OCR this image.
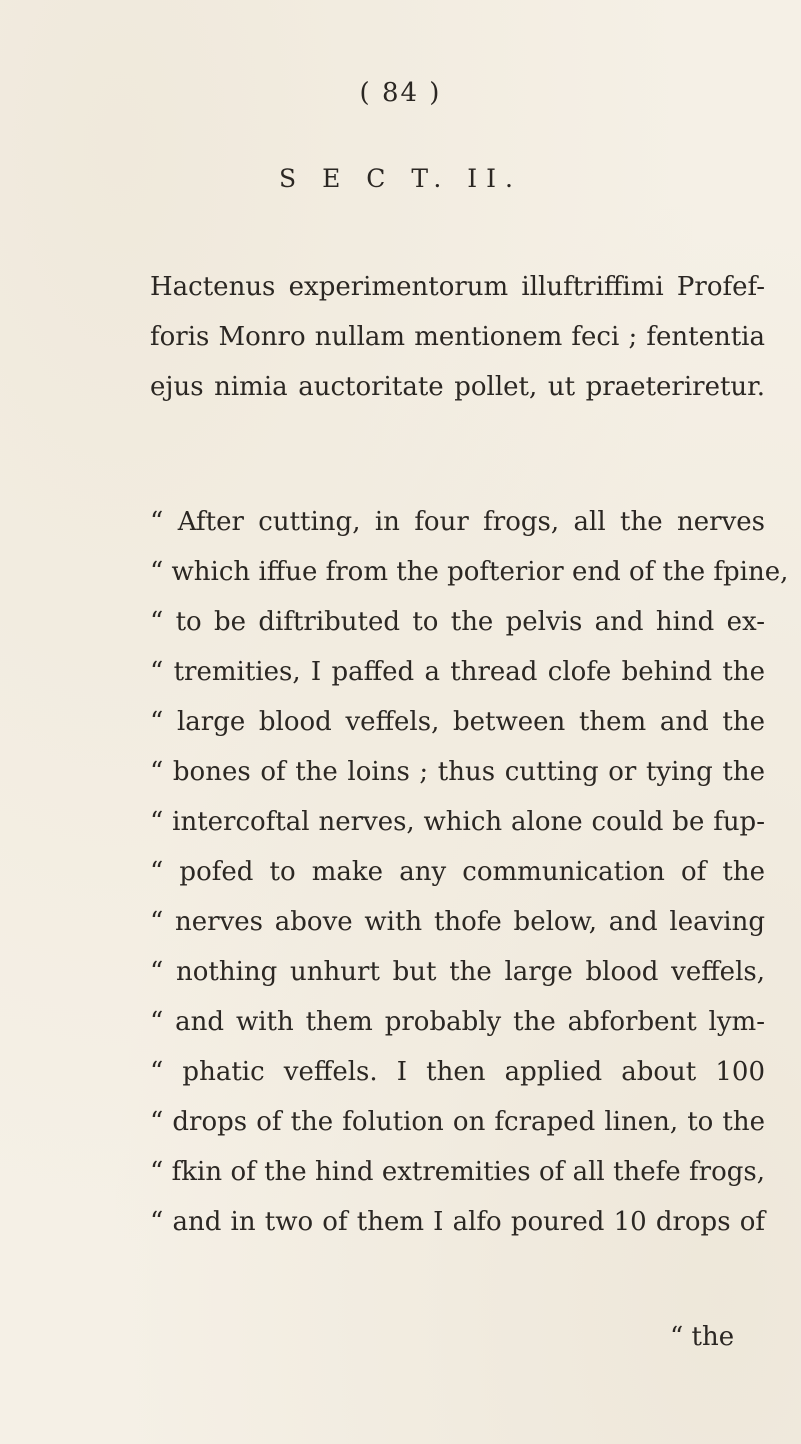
( 84 )
S E C T. II.
Hactenus experimentorum illuftriffimi Profef-
foris Monro nullam mentionem feci ; fententia
ejus nimia auctoritate pollet, ut praeteriretur.
“ After cutting, in four frogs, all the nerves
“ which iffue from the pofterior end of the fpine,
“ to be diftributed to the pelvis and hind ex-
“ tremities, I paffed a thread clofe behind the
“ large blood veffels, between them and the
“ bones of the loins ; thus cutting or tying the
“ intercoftal nerves, which alone could be fup-
“ pofed to make any communication of the
“ nerves above with thofe below, and leaving
“ nothing unhurt but the large blood veffels,
“ and with them probably the abforbent lym-
“ phatic veffels. I then applied about 100
“ drops of the folution on fcraped linen, to the
“ fkin of the hind extremities of all thefe frogs,
“ and in two of them I alfo poured 10 drops of
“ the
